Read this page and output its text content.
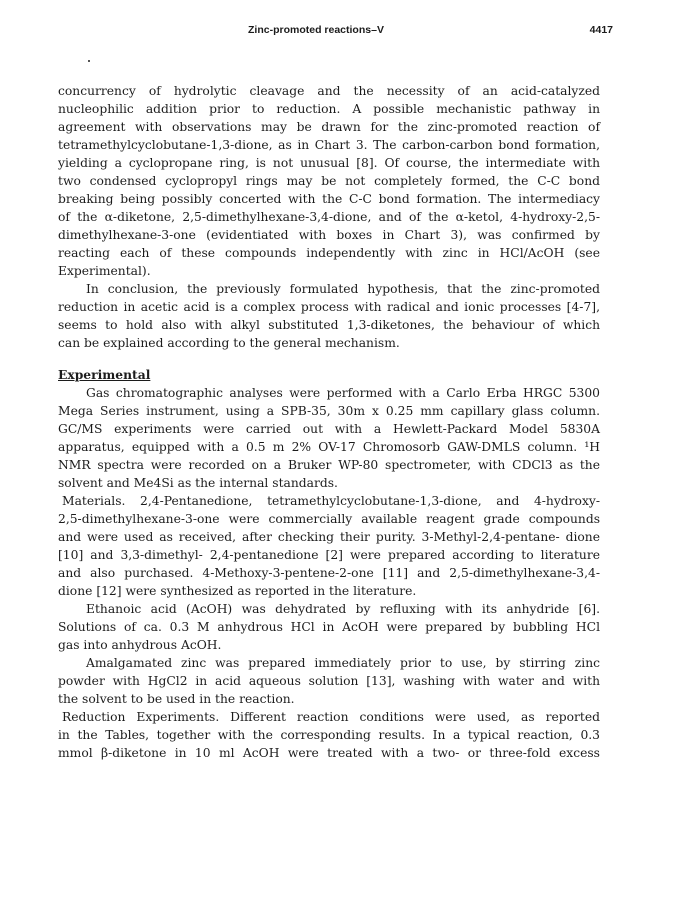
Zinc-promoted reactions–V	4417
concurrency of hydrolytic cleavage and the necessity of an acid-catalyzed
nucleophilic addition prior to reduction. A possible mechanistic pathway in
agreement with observations may be drawn for the zinc-promoted reaction of
tetramethylcyclobutane-1,3-dione, as in Chart 3. The carbon-carbon bond formation,
yielding a cyclopropane ring, is not unusual [8]. Of course, the intermediate with
two condensed cyclopropyl rings may be not completely formed, the C-C bond
breaking being possibly concerted with the C-C bond formation. The intermediacy
of the α-diketone, 2,5-dimethylhexane-3,4-dione, and of the α-ketol, 4-hydroxy-2,5-
dimethylhexane-3-one (evidentiated with boxes in Chart 3), was confirmed by
reacting each of these compounds independently with zinc in HCl/AcOH (see
Experimental).
In conclusion, the previously formulated hypothesis, that the zinc-promoted
reduction in acetic acid is a complex process with radical and ionic processes [4-7],
seems to hold also with alkyl substituted 1,3-diketones, the behaviour of which
can be explained according to the general mechanism.
Experimental
Gas chromatographic analyses were performed with a Carlo Erba HRGC 5300
Mega Series instrument, using a SPB-35, 30m x 0.25 mm capillary glass column.
GC/MS experiments were carried out with a Hewlett-Packard Model 5830A
apparatus, equipped with a 0.5 m 2% OV-17 Chromosorb GAW-DMLS column. ¹H
NMR spectra were recorded on a Bruker WP-80 spectrometer, with CDCl3 as the
solvent and Me4Si as the internal standards.
Materials. 2,4-Pentanedione, tetramethylcyclobutane-1,3-dione, and 4-hydroxy-
2,5-dimethylhexane-3-one were commercially available reagent grade compounds
and were used as received, after checking their purity. 3-Methyl-2,4-pentane- dione
[10] and 3,3-dimethyl- 2,4-pentanedione [2] were prepared according to literature
and also purchased. 4-Methoxy-3-pentene-2-one [11] and 2,5-dimethylhexane-3,4-
dione [12] were synthesized as reported in the literature.
Ethanoic acid (AcOH) was dehydrated by refluxing with its anhydride [6].
Solutions of ca. 0.3 M anhydrous HCl in AcOH were prepared by bubbling HCl
gas into anhydrous AcOH.
Amalgamated zinc was prepared immediately prior to use, by stirring zinc
powder with HgCl2 in acid aqueous solution [13], washing with water and with
the solvent to be used in the reaction.
Reduction Experiments. Different reaction conditions were used, as reported
in the Tables, together with the corresponding results. In a typical reaction, 0.3
mmol β-diketone in 10 ml AcOH were treated with a two- or three-fold excess
